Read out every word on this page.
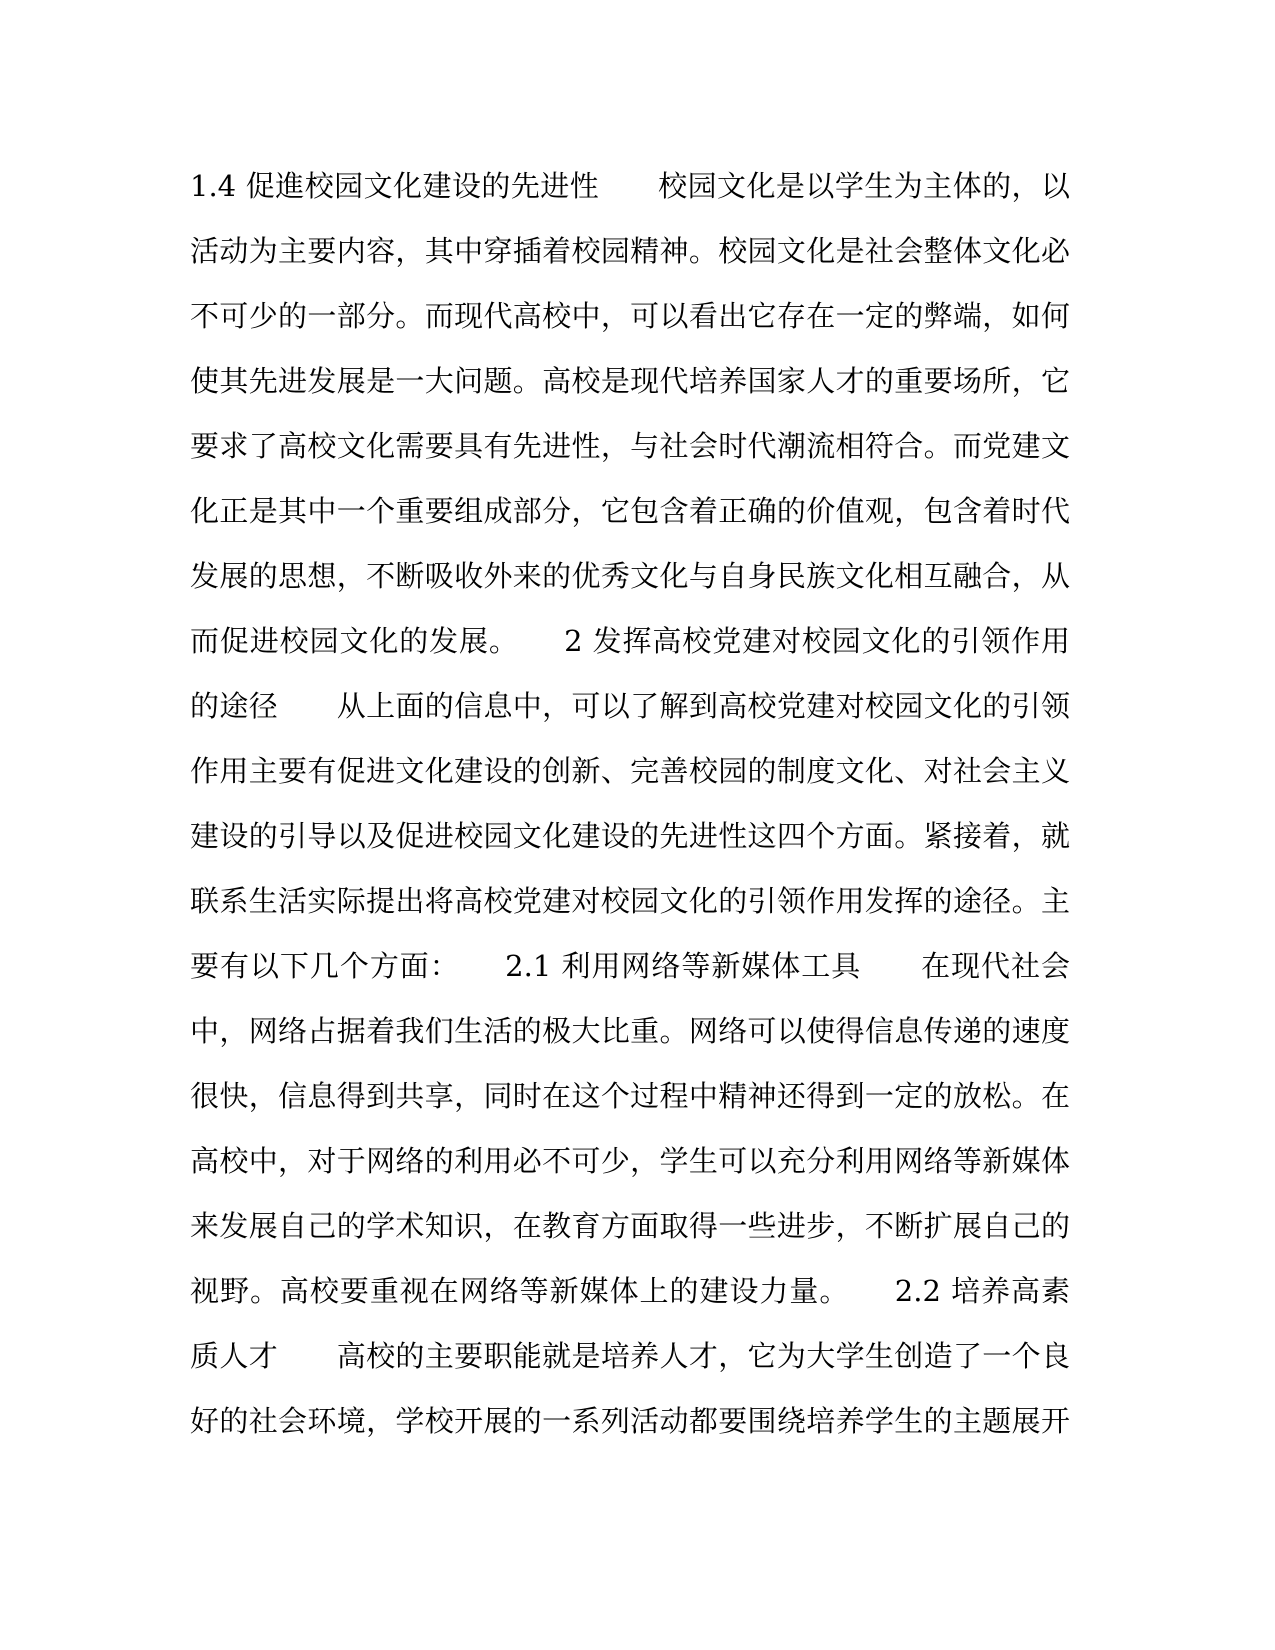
1.4 促進校园文化建设的先进性　　校园文化是以学生为主体的，以
活动为主要内容，其中穿插着校园精神。校园文化是社会整体文化必
不可少的一部分。而现代高校中，可以看出它存在一定的弊端，如何
使其先进发展是一大问题。高校是现代培养国家人才的重要场所，它
要求了高校文化需要具有先进性，与社会时代潮流相符合。而党建文
化正是其中一个重要组成部分，它包含着正确的价值观，包含着时代
发展的思想，不断吸收外来的优秀文化与自身民族文化相互融合，从
而促进校园文化的发展。　　2 发挥高校党建对校园文化的引领作用
的途径　　从上面的信息中，可以了解到高校党建对校园文化的引领
作用主要有促进文化建设的创新、完善校园的制度文化、对社会主义
建设的引导以及促进校园文化建设的先进性这四个方面。紧接着，就
联系生活实际提出将高校党建对校园文化的引领作用发挥的途径。主
要有以下几个方面：　　2.1 利用网络等新媒体工具　　在现代社会
中，网络占据着我们生活的极大比重。网络可以使得信息传递的速度
很快，信息得到共享，同时在这个过程中精神还得到一定的放松。在
高校中，对于网络的利用必不可少，学生可以充分利用网络等新媒体
来发展自己的学术知识，在教育方面取得一些进步，不断扩展自己的
视野。高校要重视在网络等新媒体上的建设力量。　　2.2 培养高素
质人才　　高校的主要职能就是培养人才，它为大学生创造了一个良
好的社会环境，学校开展的一系列活动都要围绕培养学生的主题展开
